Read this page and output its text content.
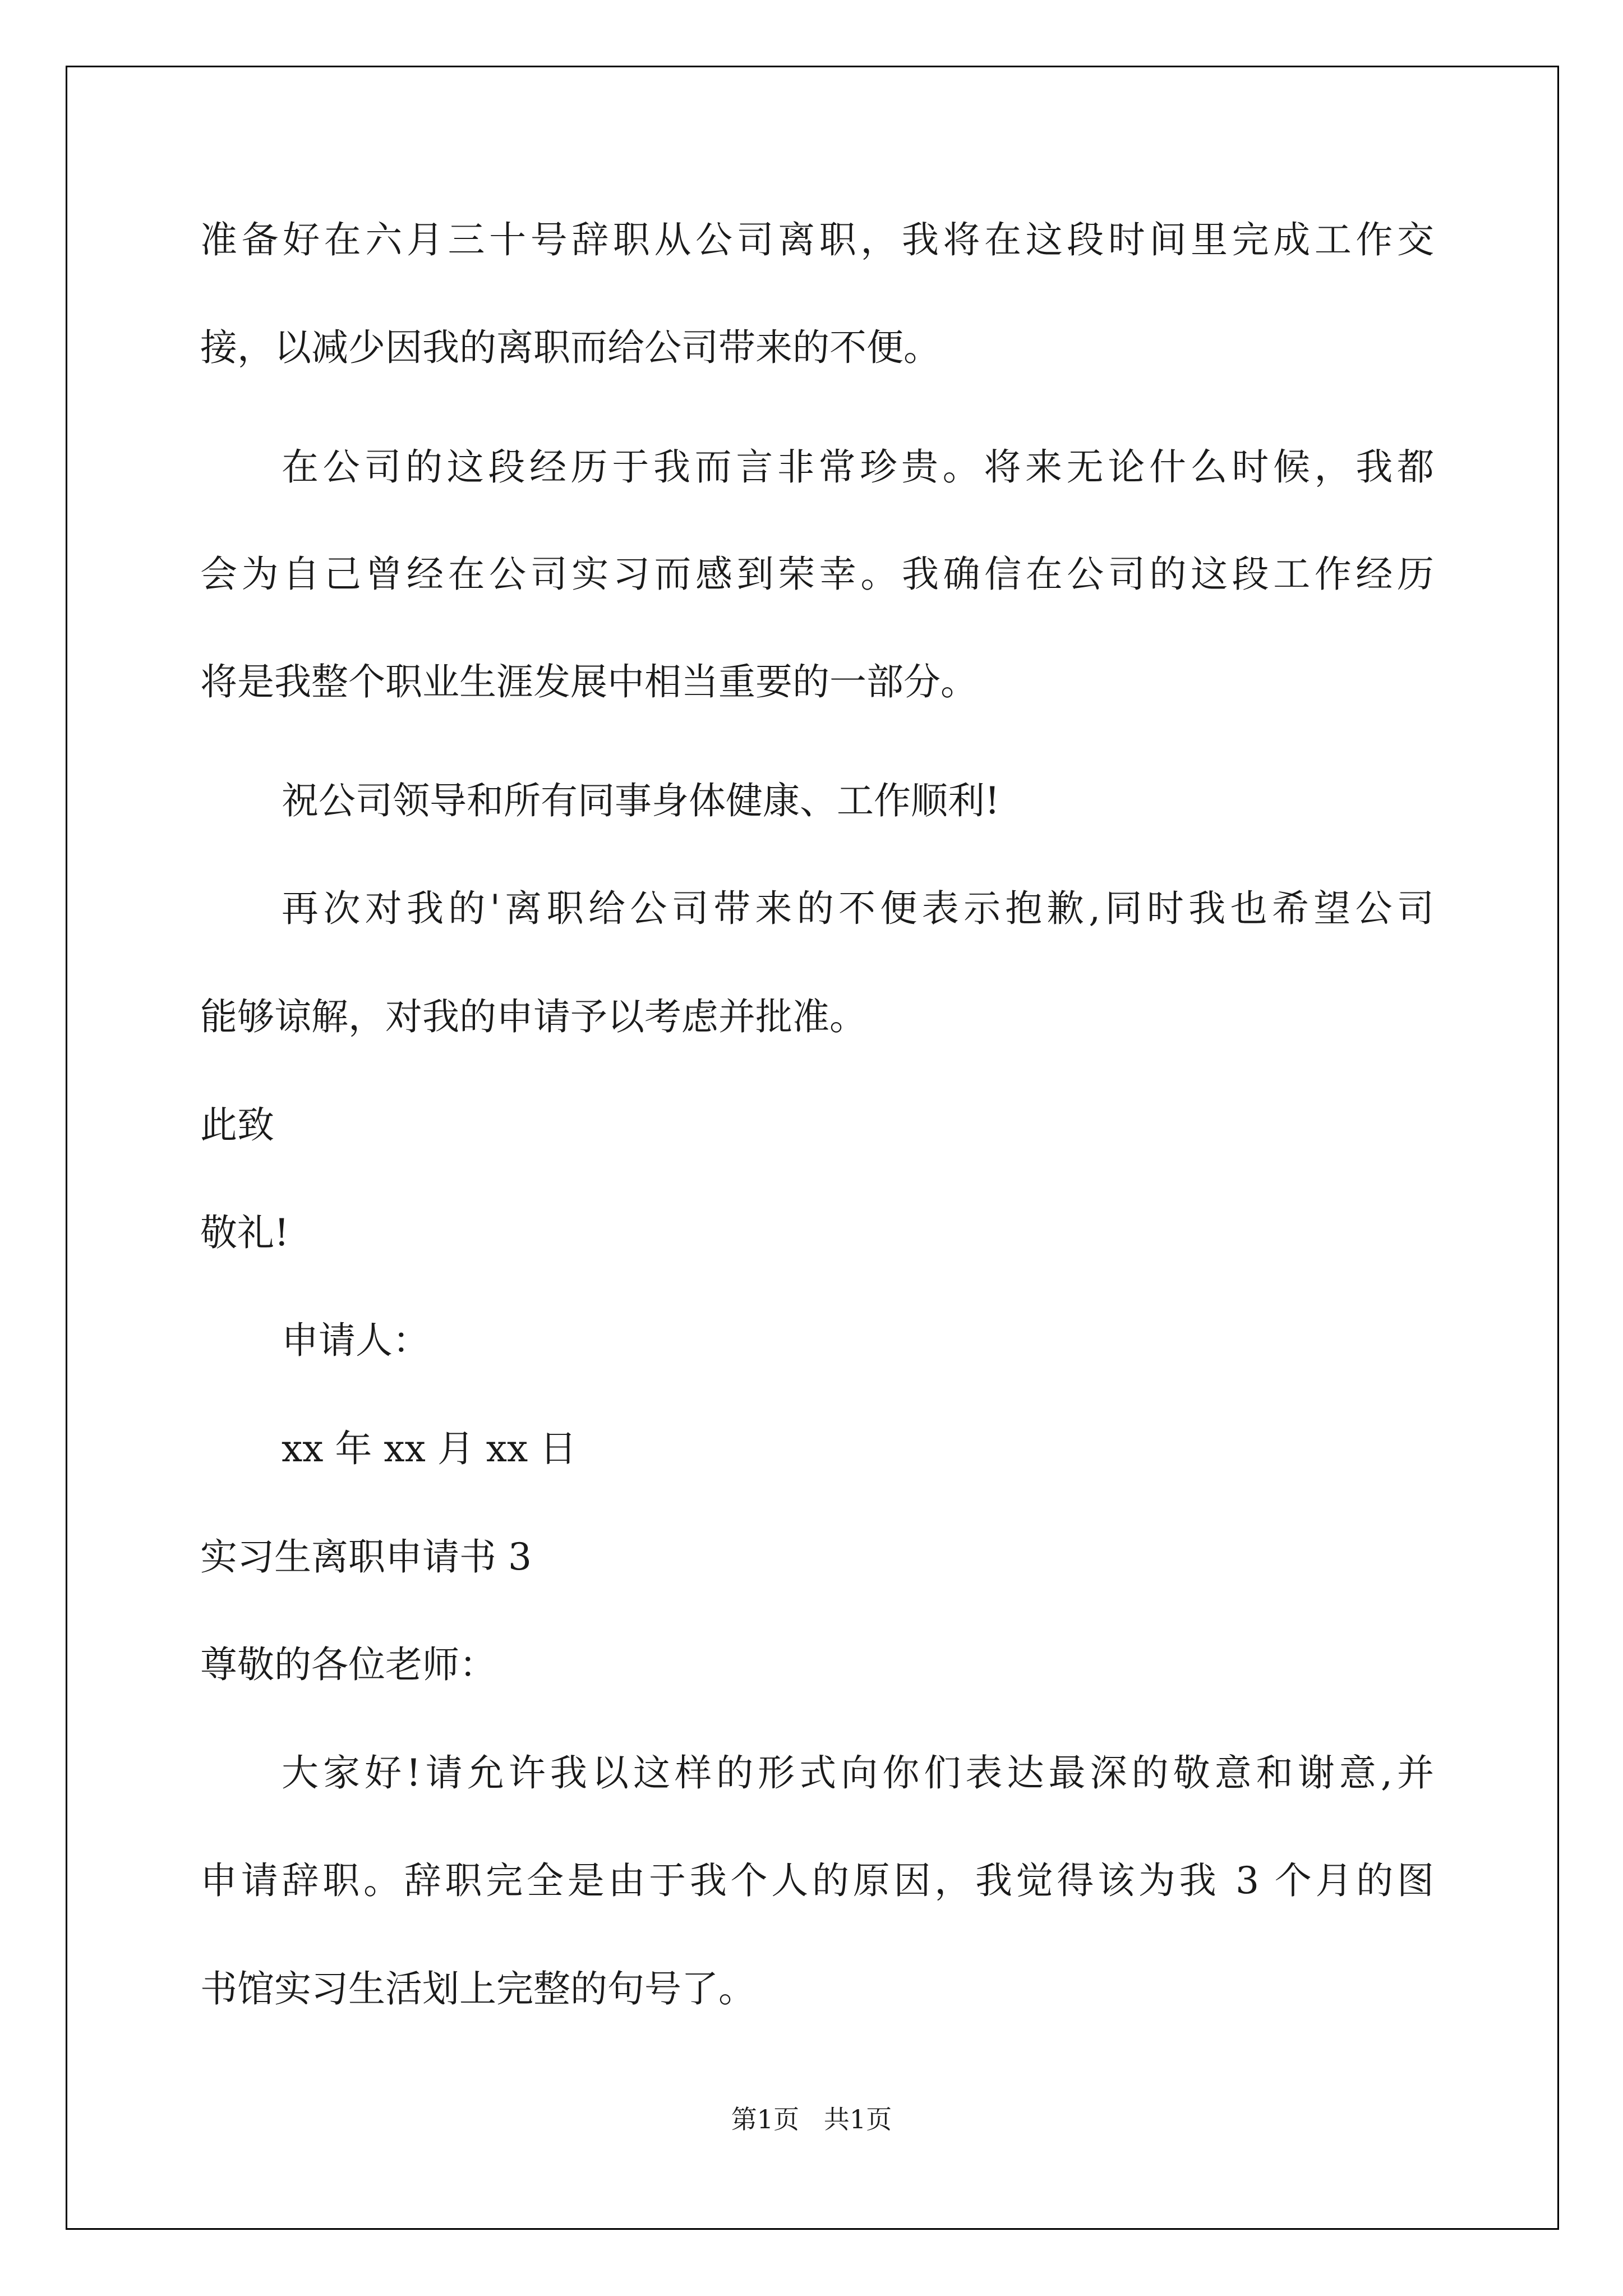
准备好在六月三十号辞职从公司离职，我将在这段时间里完成工作交
接，以减少因我的离职而给公司带来的不便。
在公司的这段经历于我而言非常珍贵。将来无论什么时候，我都
会为自己曾经在公司实习而感到荣幸。我确信在公司的这段工作经历
将是我整个职业生涯发展中相当重要的一部分。
祝公司领导和所有同事身体健康、工作顺利!
再次对我的'离职给公司带来的不便表示抱歉,同时我也希望公司
能够谅解，对我的申请予以考虑并批准。
此致
敬礼!
申请人：
xx 年 xx 月 xx 日
实习生离职申请书 3
尊敬的各位老师：
大家好!请允许我以这样的形式向你们表达最深的敬意和谢意,并
申请辞职。辞职完全是由于我个人的原因，我觉得该为我 3 个月的图
书馆实习生活划上完整的句号了。
第1页   共1页
